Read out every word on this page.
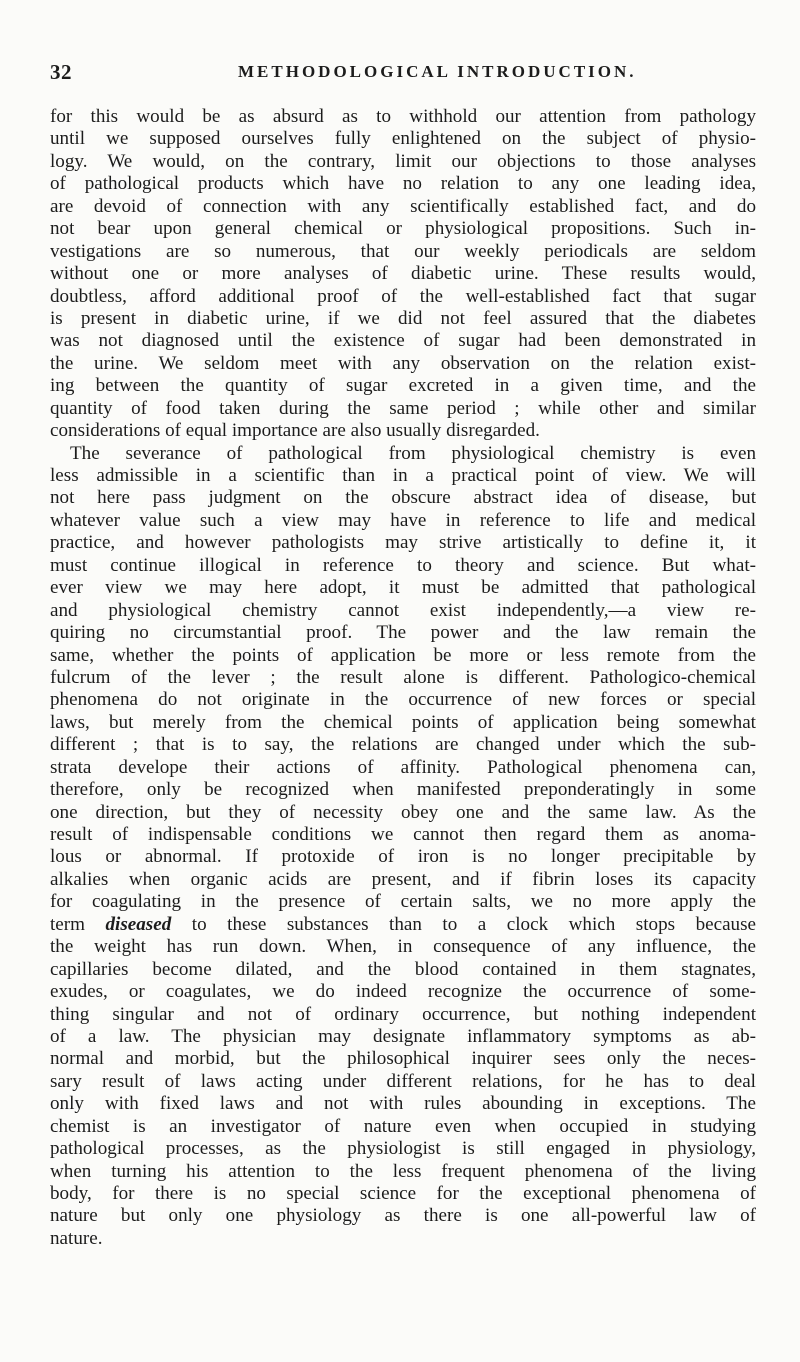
32	METHODOLOGICAL INTRODUCTION.
for this would be as absurd as to withhold our attention from pathology
until we supposed ourselves fully enlightened on the subject of physio-
logy. We would, on the contrary, limit our objections to those analyses
of pathological products which have no relation to any one leading idea,
are devoid of connection with any scientifically established fact, and do
not bear upon general chemical or physiological propositions. Such in-
vestigations are so numerous, that our weekly periodicals are seldom
without one or more analyses of diabetic urine. These results would,
doubtless, afford additional proof of the well-established fact that sugar
is present in diabetic urine, if we did not feel assured that the diabetes
was not diagnosed until the existence of sugar had been demonstrated in
the urine. We seldom meet with any observation on the relation exist-
ing between the quantity of sugar excreted in a given time, and the
quantity of food taken during the same period ; while other and similar
considerations of equal importance are also usually disregarded.
The severance of pathological from physiological chemistry is even
less admissible in a scientific than in a practical point of view. We will
not here pass judgment on the obscure abstract idea of disease, but
whatever value such a view may have in reference to life and medical
practice, and however pathologists may strive artistically to define it, it
must continue illogical in reference to theory and science. But what-
ever view we may here adopt, it must be admitted that pathological
and physiological chemistry cannot exist independently,—a view re-
quiring no circumstantial proof. The power and the law remain the
same, whether the points of application be more or less remote from the
fulcrum of the lever ; the result alone is different. Pathologico-chemical
phenomena do not originate in the occurrence of new forces or special
laws, but merely from the chemical points of application being somewhat
different ; that is to say, the relations are changed under which the sub-
strata develope their actions of affinity. Pathological phenomena can,
therefore, only be recognized when manifested preponderatingly in some
one direction, but they of necessity obey one and the same law. As the
result of indispensable conditions we cannot then regard them as anoma-
lous or abnormal. If protoxide of iron is no longer precipitable by
alkalies when organic acids are present, and if fibrin loses its capacity
for coagulating in the presence of certain salts, we no more apply the
term diseased to these substances than to a clock which stops because
the weight has run down. When, in consequence of any influence, the
capillaries become dilated, and the blood contained in them stagnates,
exudes, or coagulates, we do indeed recognize the occurrence of some-
thing singular and not of ordinary occurrence, but nothing independent
of a law. The physician may designate inflammatory symptoms as ab-
normal and morbid, but the philosophical inquirer sees only the neces-
sary result of laws acting under different relations, for he has to deal
only with fixed laws and not with rules abounding in exceptions. The
chemist is an investigator of nature even when occupied in studying
pathological processes, as the physiologist is still engaged in physiology,
when turning his attention to the less frequent phenomena of the living
body, for there is no special science for the exceptional phenomena of
nature but only one physiology as there is one all-powerful law of
nature.
